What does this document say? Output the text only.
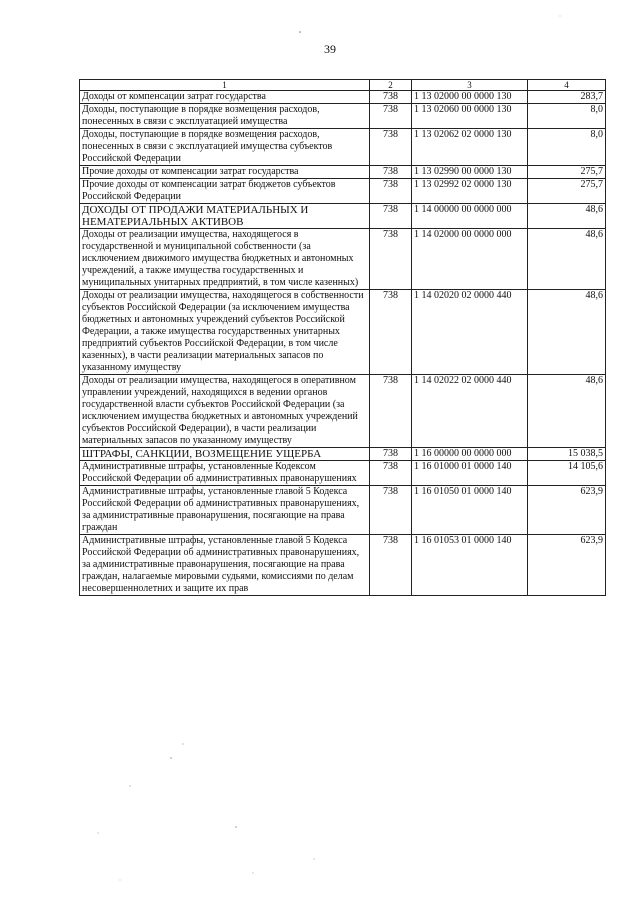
39
1	2	3	4
Доходы от компенсации затрат государства	738	1 13 02000 00 0000 130	283,7
Доходы, поступающие в порядке возмещения расходов, понесенных в связи с эксплуатацией имущества	738	1 13 02060 00 0000 130	8,0
Доходы, поступающие в порядке возмещения расходов, понесенных в связи с эксплуатацией имущества субъектов Российской Федерации	738	1 13 02062 02 0000 130	8,0
Прочие доходы от компенсации затрат государства	738	1 13 02990 00 0000 130	275,7
Прочие доходы от компенсации затрат бюджетов субъектов Российской Федерации	738	1 13 02992 02 0000 130	275,7
ДОХОДЫ ОТ ПРОДАЖИ МАТЕРИАЛЬНЫХ И НЕМАТЕРИАЛЬНЫХ АКТИВОВ	738	1 14 00000 00 0000 000	48,6
Доходы от реализации имущества, находящегося в государственной и муниципальной собственности (за исключением движимого имущества бюджетных и автономных учреждений, а также имущества государственных и муниципальных унитарных предприятий, в том числе казенных)	738	1 14 02000 00 0000 000	48,6
Доходы от реализации имущества, находящегося в собственности субъектов Российской Федерации (за исключением имущества бюджетных и автономных учреждений субъектов Российской Федерации, а также имущества государственных унитарных предприятий субъектов Российской Федерации, в том числе казенных), в части реализации материальных запасов по указанному имуществу	738	1 14 02020 02 0000 440	48,6
Доходы от реализации имущества, находящегося в оперативном управлении учреждений, находящихся в ведении органов государственной власти субъектов Российской Федерации (за исключением имущества бюджетных и автономных учреждений субъектов Российской Федерации), в части реализации материальных запасов по указанному имуществу	738	1 14 02022 02 0000 440	48,6
ШТРАФЫ, САНКЦИИ, ВОЗМЕЩЕНИЕ УЩЕРБА	738	1 16 00000 00 0000 000	15 038,5
Административные штрафы, установленные Кодексом Российской Федерации об административных правонарушениях	738	1 16 01000 01 0000 140	14 105,6
Административные штрафы, установленные главой 5 Кодекса Российской Федерации об административных правонарушениях, за административные правонарушения, посягающие на права граждан	738	1 16 01050 01 0000 140	623,9
Административные штрафы, установленные главой 5 Кодекса Российской Федерации об административных правонарушениях, за административные правонарушения, посягающие на права граждан, налагаемые мировыми судьями, комиссиями по делам несовершеннолетних и защите их прав	738	1 16 01053 01 0000 140	623,9
